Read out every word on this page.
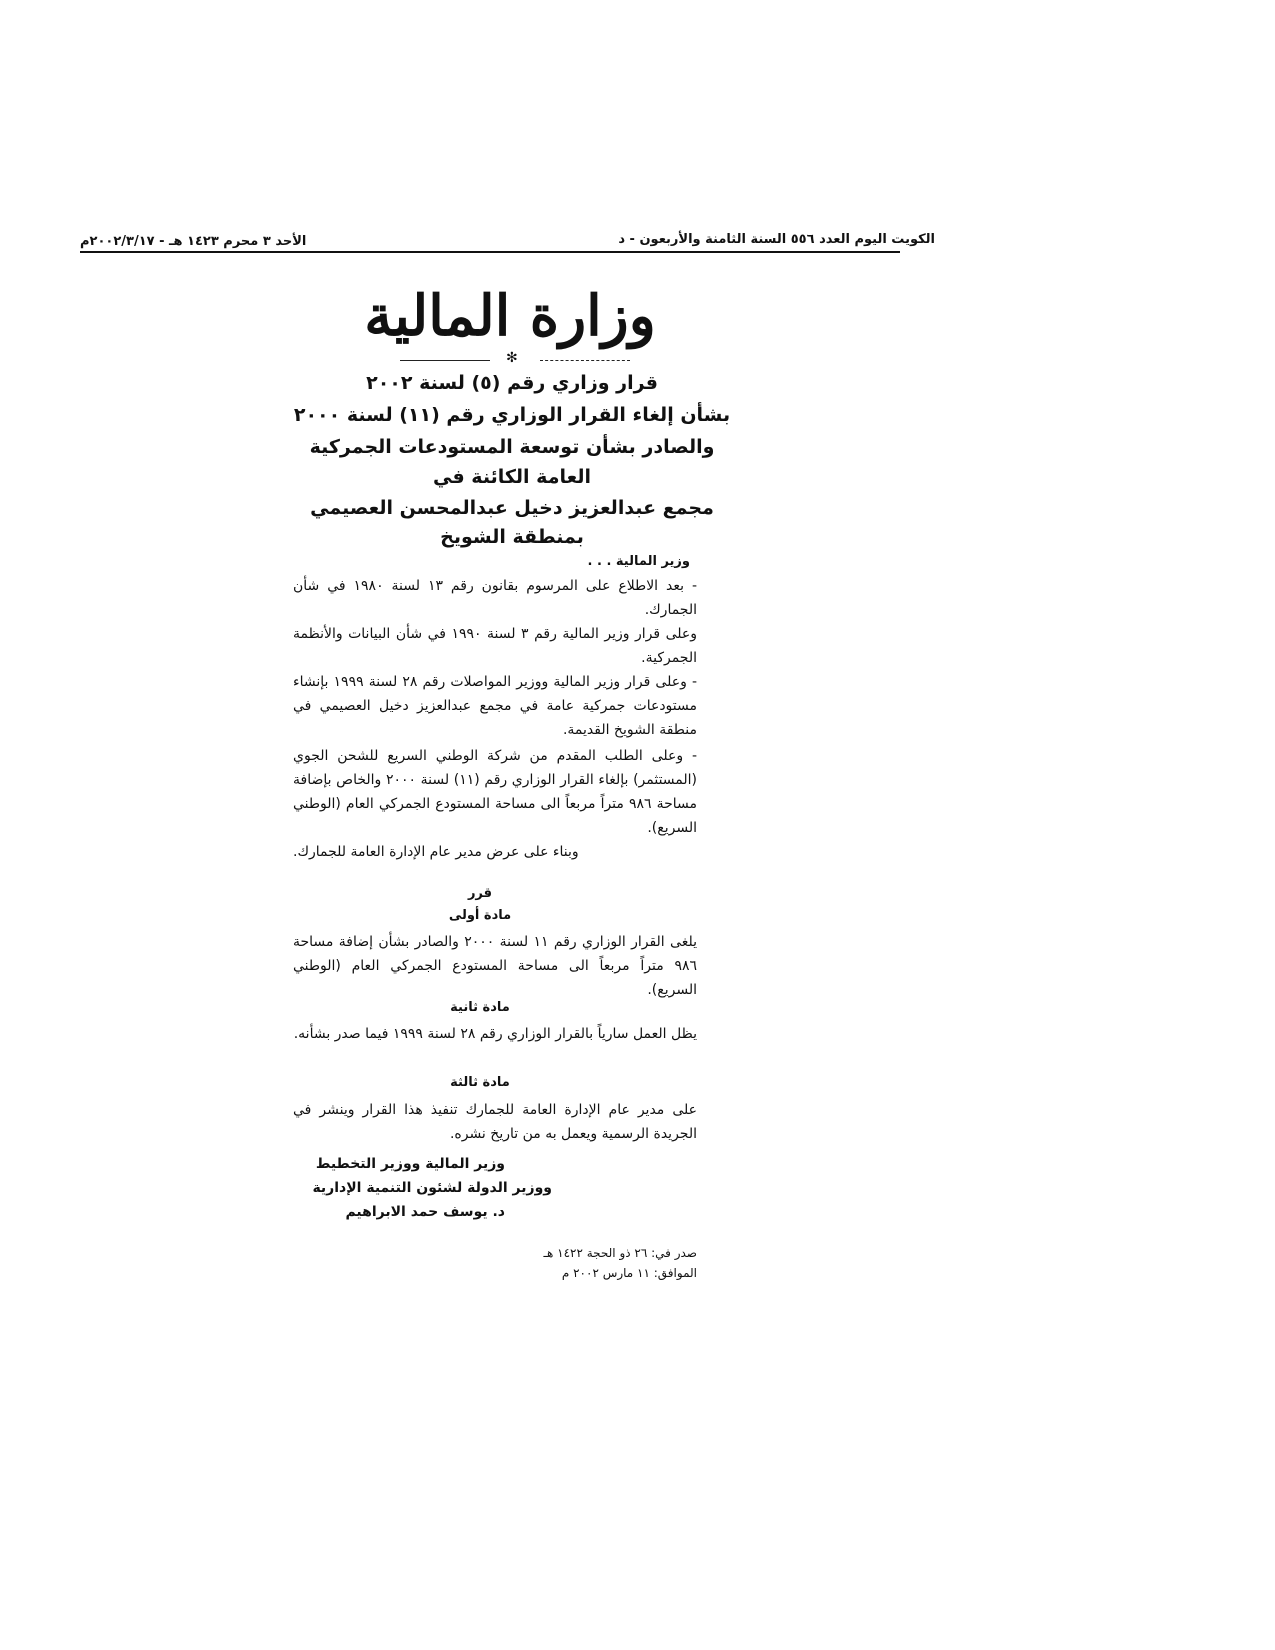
الكويت اليوم العدد ٥٥٦ السنة الثامنة والأربعون - د
الأحد ٣ محرم ١٤٢٣ هـ - ٢٠٠٢/٣/١٧م
وزارة المالية
✻
قرار وزاري رقم (٥) لسنة ٢٠٠٢
بشأن إلغاء القرار الوزاري رقم (١١) لسنة ٢٠٠٠
والصادر بشأن توسعة المستودعات الجمركية
العامة الكائنة في
مجمع عبدالعزيز دخيل عبدالمحسن العصيمي
بمنطقة الشويخ
وزير المالية . . .
- بعد الاطلاع على المرسوم بقانون رقم ١٣ لسنة ١٩٨٠ في شأن الجمارك.
وعلى قرار وزير المالية رقم ٣ لسنة ١٩٩٠ في شأن البيانات والأنظمة الجمركية.
- وعلى قرار وزير المالية ووزير المواصلات رقم ٢٨ لسنة ١٩٩٩ بإنشاء مستودعات جمركية عامة في مجمع عبدالعزيز دخيل العصيمي في منطقة الشويخ القديمة.
- وعلى الطلب المقدم من شركة الوطني السريع للشحن الجوي (المستثمر) بإلغاء القرار الوزاري رقم (١١) لسنة ٢٠٠٠ والخاص بإضافة مساحة ٩٨٦ متراً مربعاً الى مساحة المستودع الجمركي العام (الوطني السريع).
وبناء على عرض مدير عام الإدارة العامة للجمارك.
قرر
مادة أولى
يلغى القرار الوزاري رقم ١١ لسنة ٢٠٠٠ والصادر بشأن إضافة مساحة ٩٨٦ متراً مربعاً الى مساحة المستودع الجمركي العام (الوطني السريع).
مادة ثانية
يظل العمل سارياً بالقرار الوزاري رقم ٢٨ لسنة ١٩٩٩ فيما صدر بشأنه.
مادة ثالثة
على مدير عام الإدارة العامة للجمارك تنفيذ هذا القرار وينشر في الجريدة الرسمية ويعمل به من تاريخ نشره.
وزير المالية ووزير التخطيط
ووزير الدولة لشئون التنمية الإدارية
د. يوسف حمد الابراهيم
صدر في: ٢٦ ذو الحجة ١٤٢٢ هـ
الموافق: ١١ مارس ٢٠٠٢ م
